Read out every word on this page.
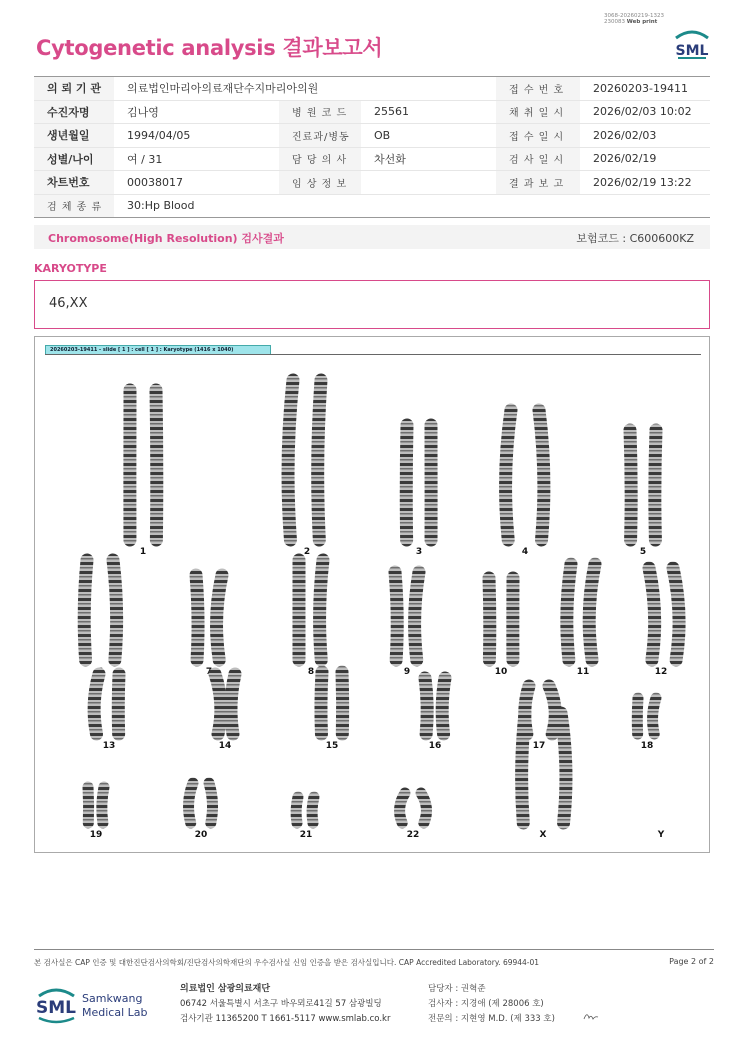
3068-20260219-1323
230083 Web print
Cytogenetic analysis 결과보고서	SML
의 뢰 기 관	의료법인마리아의료재단수지마리아의원			접 수 번 호	20260203-19411
수진자명	김나영	병 원 코 드	25561	채 취 일 시	2026/02/03 10:02
생년월일	1994/04/05	진료과/병동	OB	접 수 일 시	2026/02/03
성별/나이	여 / 31	담 당 의 사	차선화	검 사 일 시	2026/02/19
차트번호	00038017	임 상 정 보		결 과 보 고	2026/02/19 13:22
검 체 종 류	30:Hp Blood				
Chromosome(High Resolution) 검사결과	보험코드 : C600600KZ
KARYOTYPE
46,XX
20260203-19411 - slide [ 1 ] : cell [ 1 ] : Karyotype (1416 x 1040)
1	2	3	4	5
6	7	8	9	10	11	12
13	14	15	16	17	18
19	20	21	22	X	Y
본 검사실은 CAP 인증 및 대한진단검사의학회/진단검사의학재단의 우수검사실 신임 인증을 받은 검사실입니다. CAP Accredited Laboratory. 69944-01	Page 2 of 2
SML Samkwang
Medical Lab
의료법인 삼광의료재단
06742 서울특별시 서초구 바우뫼로41길 57 삼광빌딩
검사기관 11365200 T 1661-5117 www.smlab.co.kr
담당자 : 권혁준
검사자 : 지경애 (제 28006 호)
전문의 : 지현영 M.D. (제 333 호)
